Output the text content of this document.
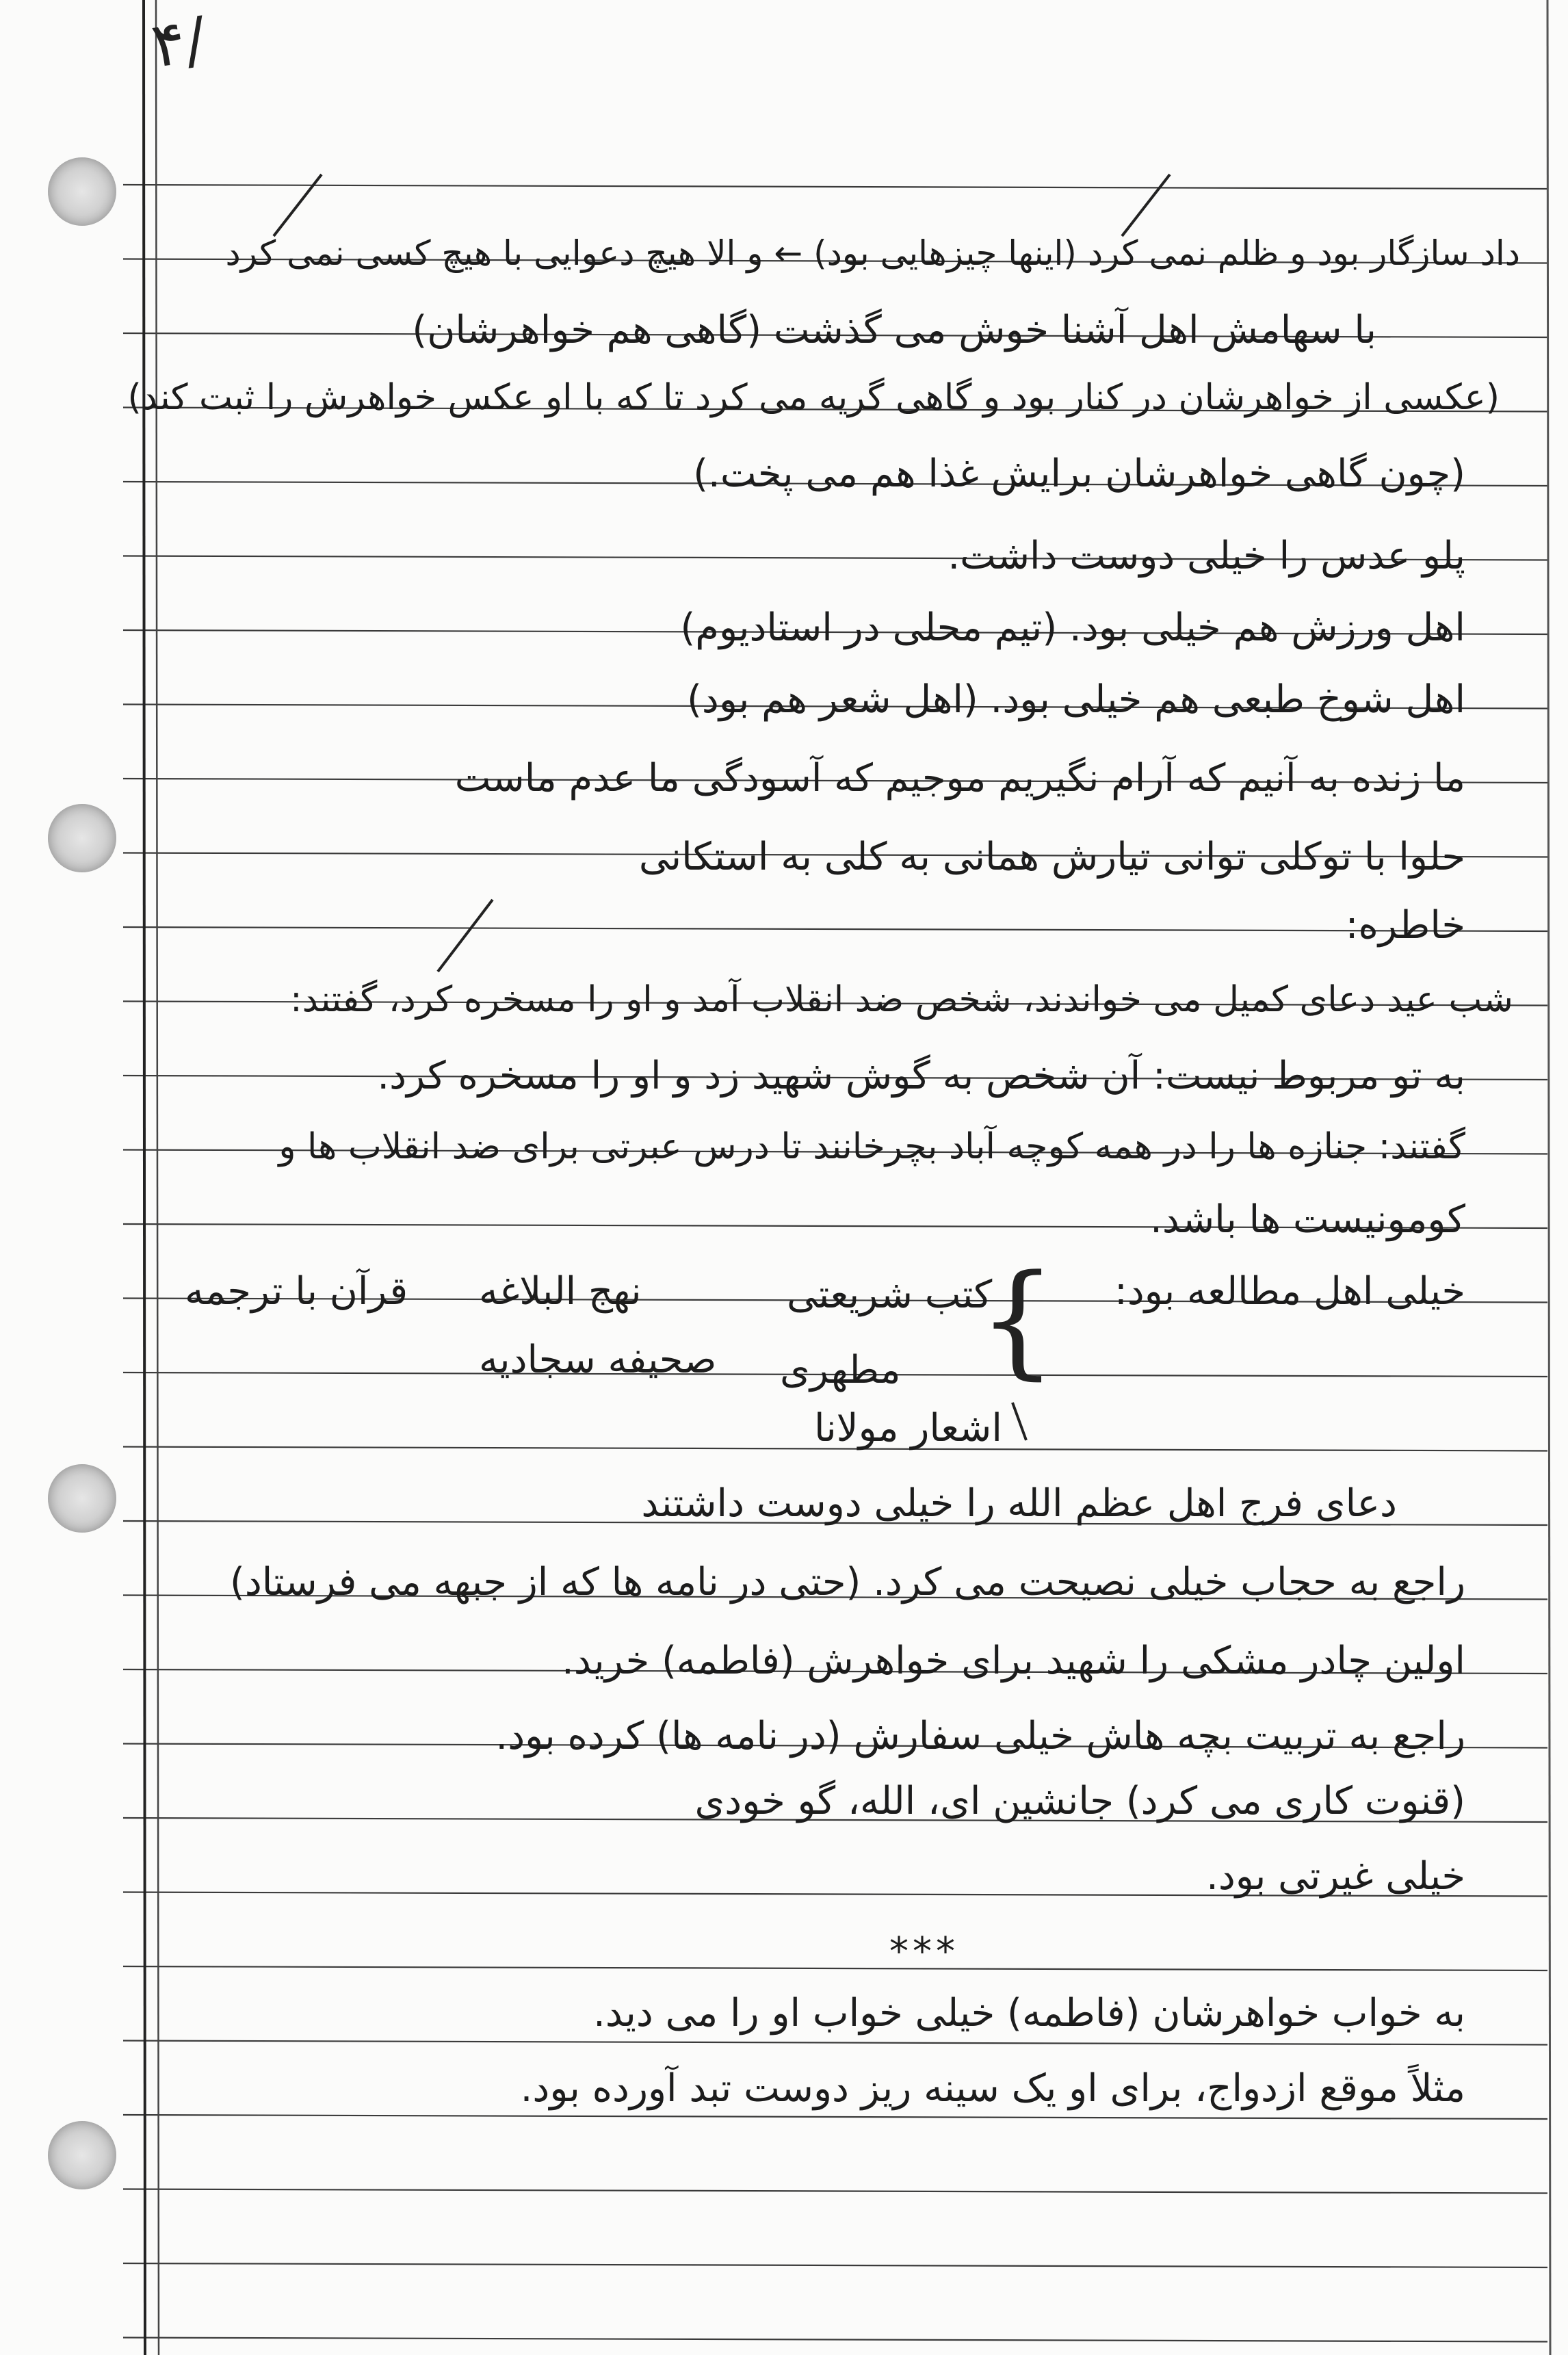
۴/
داد سازگار بود و ظلم نمی کرد (اینها چیزهایی بود) ← و الا هیچ دعوایی با هیچ کسی نمی کرد
با سهامش اهل آشنا خوش می گذشت (گاهی هم خواهرشان)
(عکسی از خواهرشان در کنار بود و گاهی گریه می کرد تا که با او عکس خواهرش را ثبت کند)
(چون گاهی خواهرشان برایش غذا هم می پخت.)
پلو عدس را خیلی دوست داشت.
اهل ورزش هم خیلی بود. (تیم محلی در استادیوم)
اهل شوخ طبعی هم خیلی بود. (اهل شعر هم بود)
ما زنده به آنیم که آرام نگیریم موجیم که آسودگی ما عدم ماست
حلوا با توکلی توانی تیارش همانی به کلی به استکانی
خاطره:
شب عید دعای کمیل می خواندند، شخص ضد انقلاب آمد و او را مسخره کرد، گفتند:
به تو مربوط نیست: آن شخص به گوش شهید زد و او را مسخره کرد.
گفتند: جنازه ها را در همه کوچه آباد بچرخانند تا درس عبرتی برای ضد انقلاب ها و
کومونیست ها باشد.
خیلی اهل مطالعه بود:
{
کتب شریعتی
مطهری
اشعار مولانا
نهج البلاغه
قرآن با ترجمه
صحیفه سجادیه
دعای فرج اهل عظم الله را خیلی دوست داشتند
راجع به حجاب خیلی نصیحت می کرد. (حتی در نامه ها که از جبهه می فرستاد)
اولین چادر مشکی را شهید برای خواهرش (فاطمه) خرید.
راجع به تربیت بچه هاش خیلی سفارش (در نامه ها) کرده بود.
(قنوت کاری می کرد) جانشین ای، الله، گو خودی
خیلی غیرتی بود.
***
به خواب خواهرشان (فاطمه) خیلی خواب او را می دید.
مثلاً موقع ازدواج، برای او یک سینه ریز دوست تبد آورده بود.
